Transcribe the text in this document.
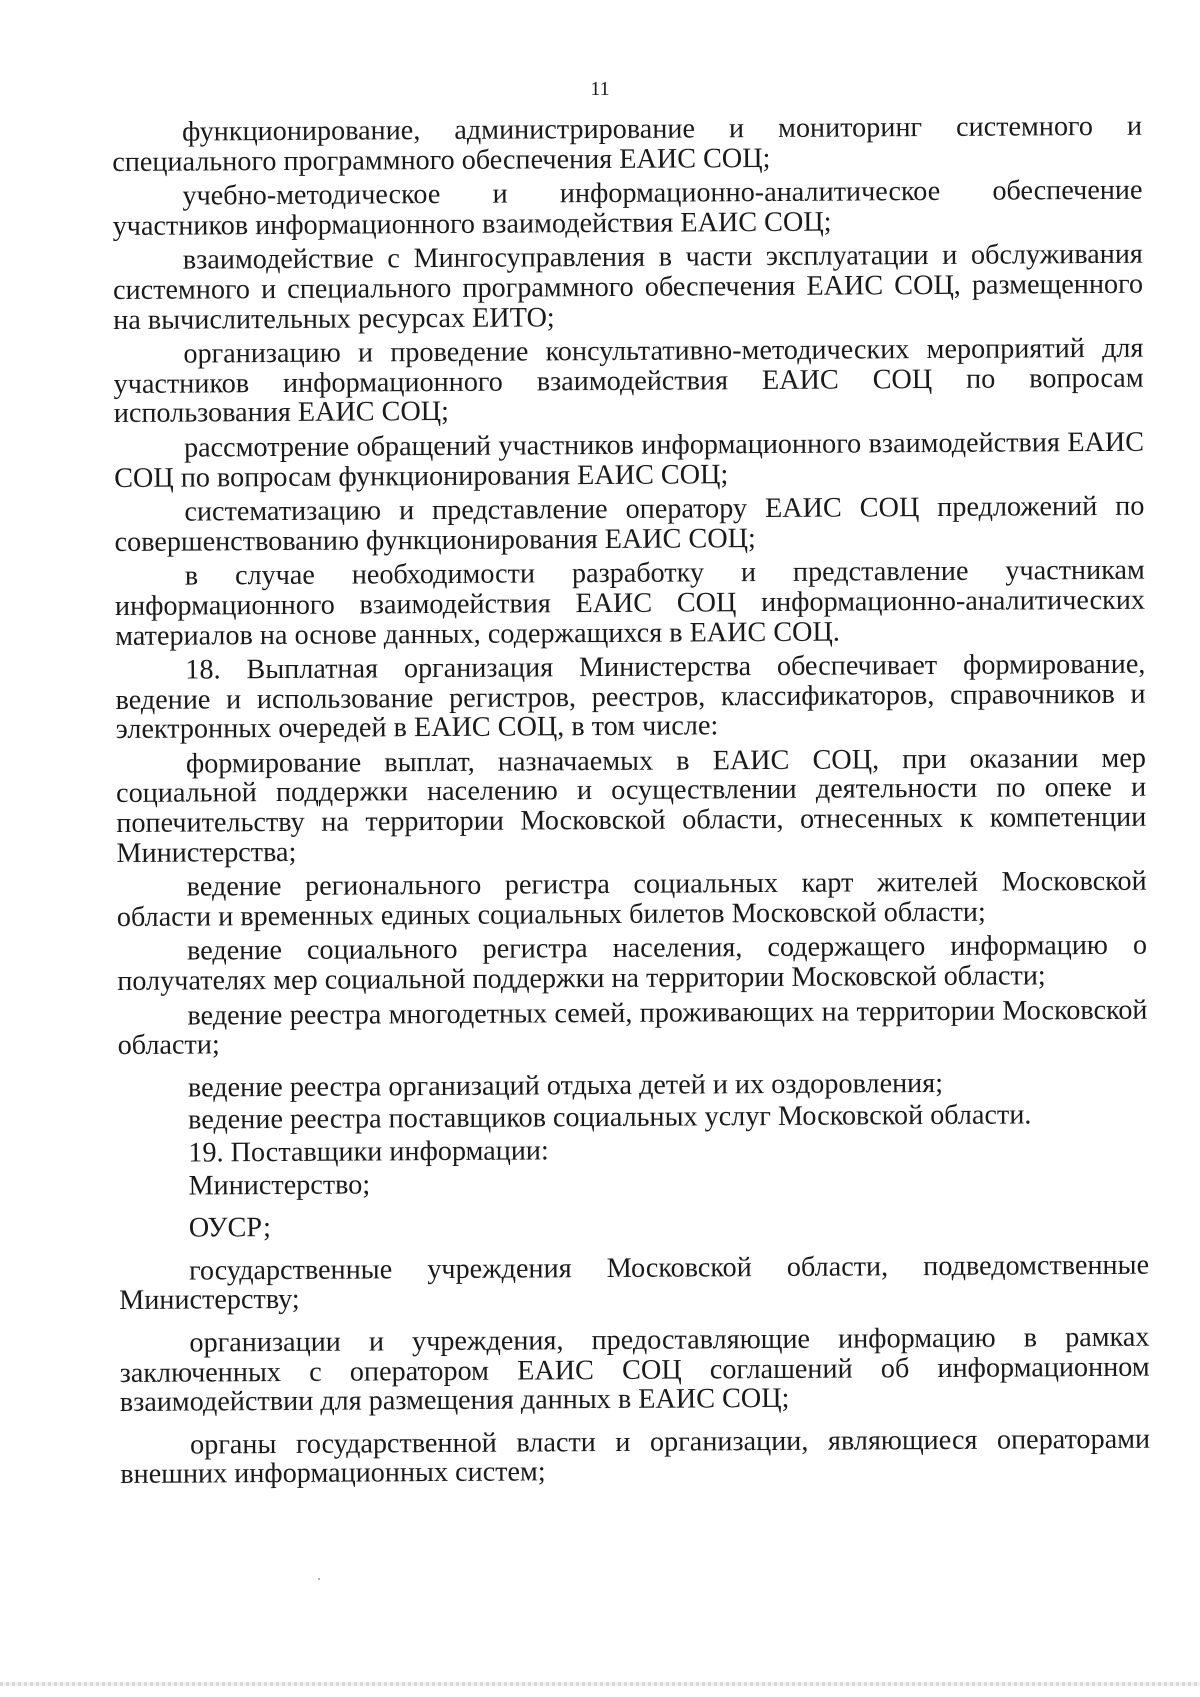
11

функционирование, администрирование и мониторинг системного и специального программного обеспечения ЕАИС СОЦ;

учебно-методическое и информационно-аналитическое обеспечение участников информационного взаимодействия ЕАИС СОЦ;

взаимодействие с Мингосуправления в части эксплуатации и обслуживания системного и специального программного обеспечения ЕАИС СОЦ, размещенного на вычислительных ресурсах ЕИТО;

организацию и проведение консультативно-методических мероприятий для участников информационного взаимодействия ЕАИС СОЦ по вопросам использования ЕАИС СОЦ;

рассмотрение обращений участников информационного взаимодействия ЕАИС СОЦ по вопросам функционирования ЕАИС СОЦ;

систематизацию и представление оператору ЕАИС СОЦ предложений по совершенствованию функционирования ЕАИС СОЦ;

в случае необходимости разработку и представление участникам информационного взаимодействия ЕАИС СОЦ информационно-аналитических материалов на основе данных, содержащихся в ЕАИС СОЦ.

18. Выплатная организация Министерства обеспечивает формирование, ведение и использование регистров, реестров, классификаторов, справочников и электронных очередей в ЕАИС СОЦ, в том числе:

формирование выплат, назначаемых в ЕАИС СОЦ, при оказании мер социальной поддержки населению и осуществлении деятельности по опеке и попечительству на территории Московской области, отнесенных к компетенции Министерства;

ведение регионального регистра социальных карт жителей Московской области и временных единых социальных билетов Московской области;

ведение социального регистра населения, содержащего информацию о получателях мер социальной поддержки на территории Московской области;

ведение реестра многодетных семей, проживающих на территории Московской области;

ведение реестра организаций отдыха детей и их оздоровления;

ведение реестра поставщиков социальных услуг Московской области.

19. Поставщики информации:

Министерство;

ОУСР;

государственные учреждения Московской области, подведомственные Министерству;

организации и учреждения, предоставляющие информацию в рамках заключенных с оператором ЕАИС СОЦ соглашений об информационном взаимодействии для размещения данных в ЕАИС СОЦ;

органы государственной власти и организации, являющиеся операторами внешних информационных систем;
